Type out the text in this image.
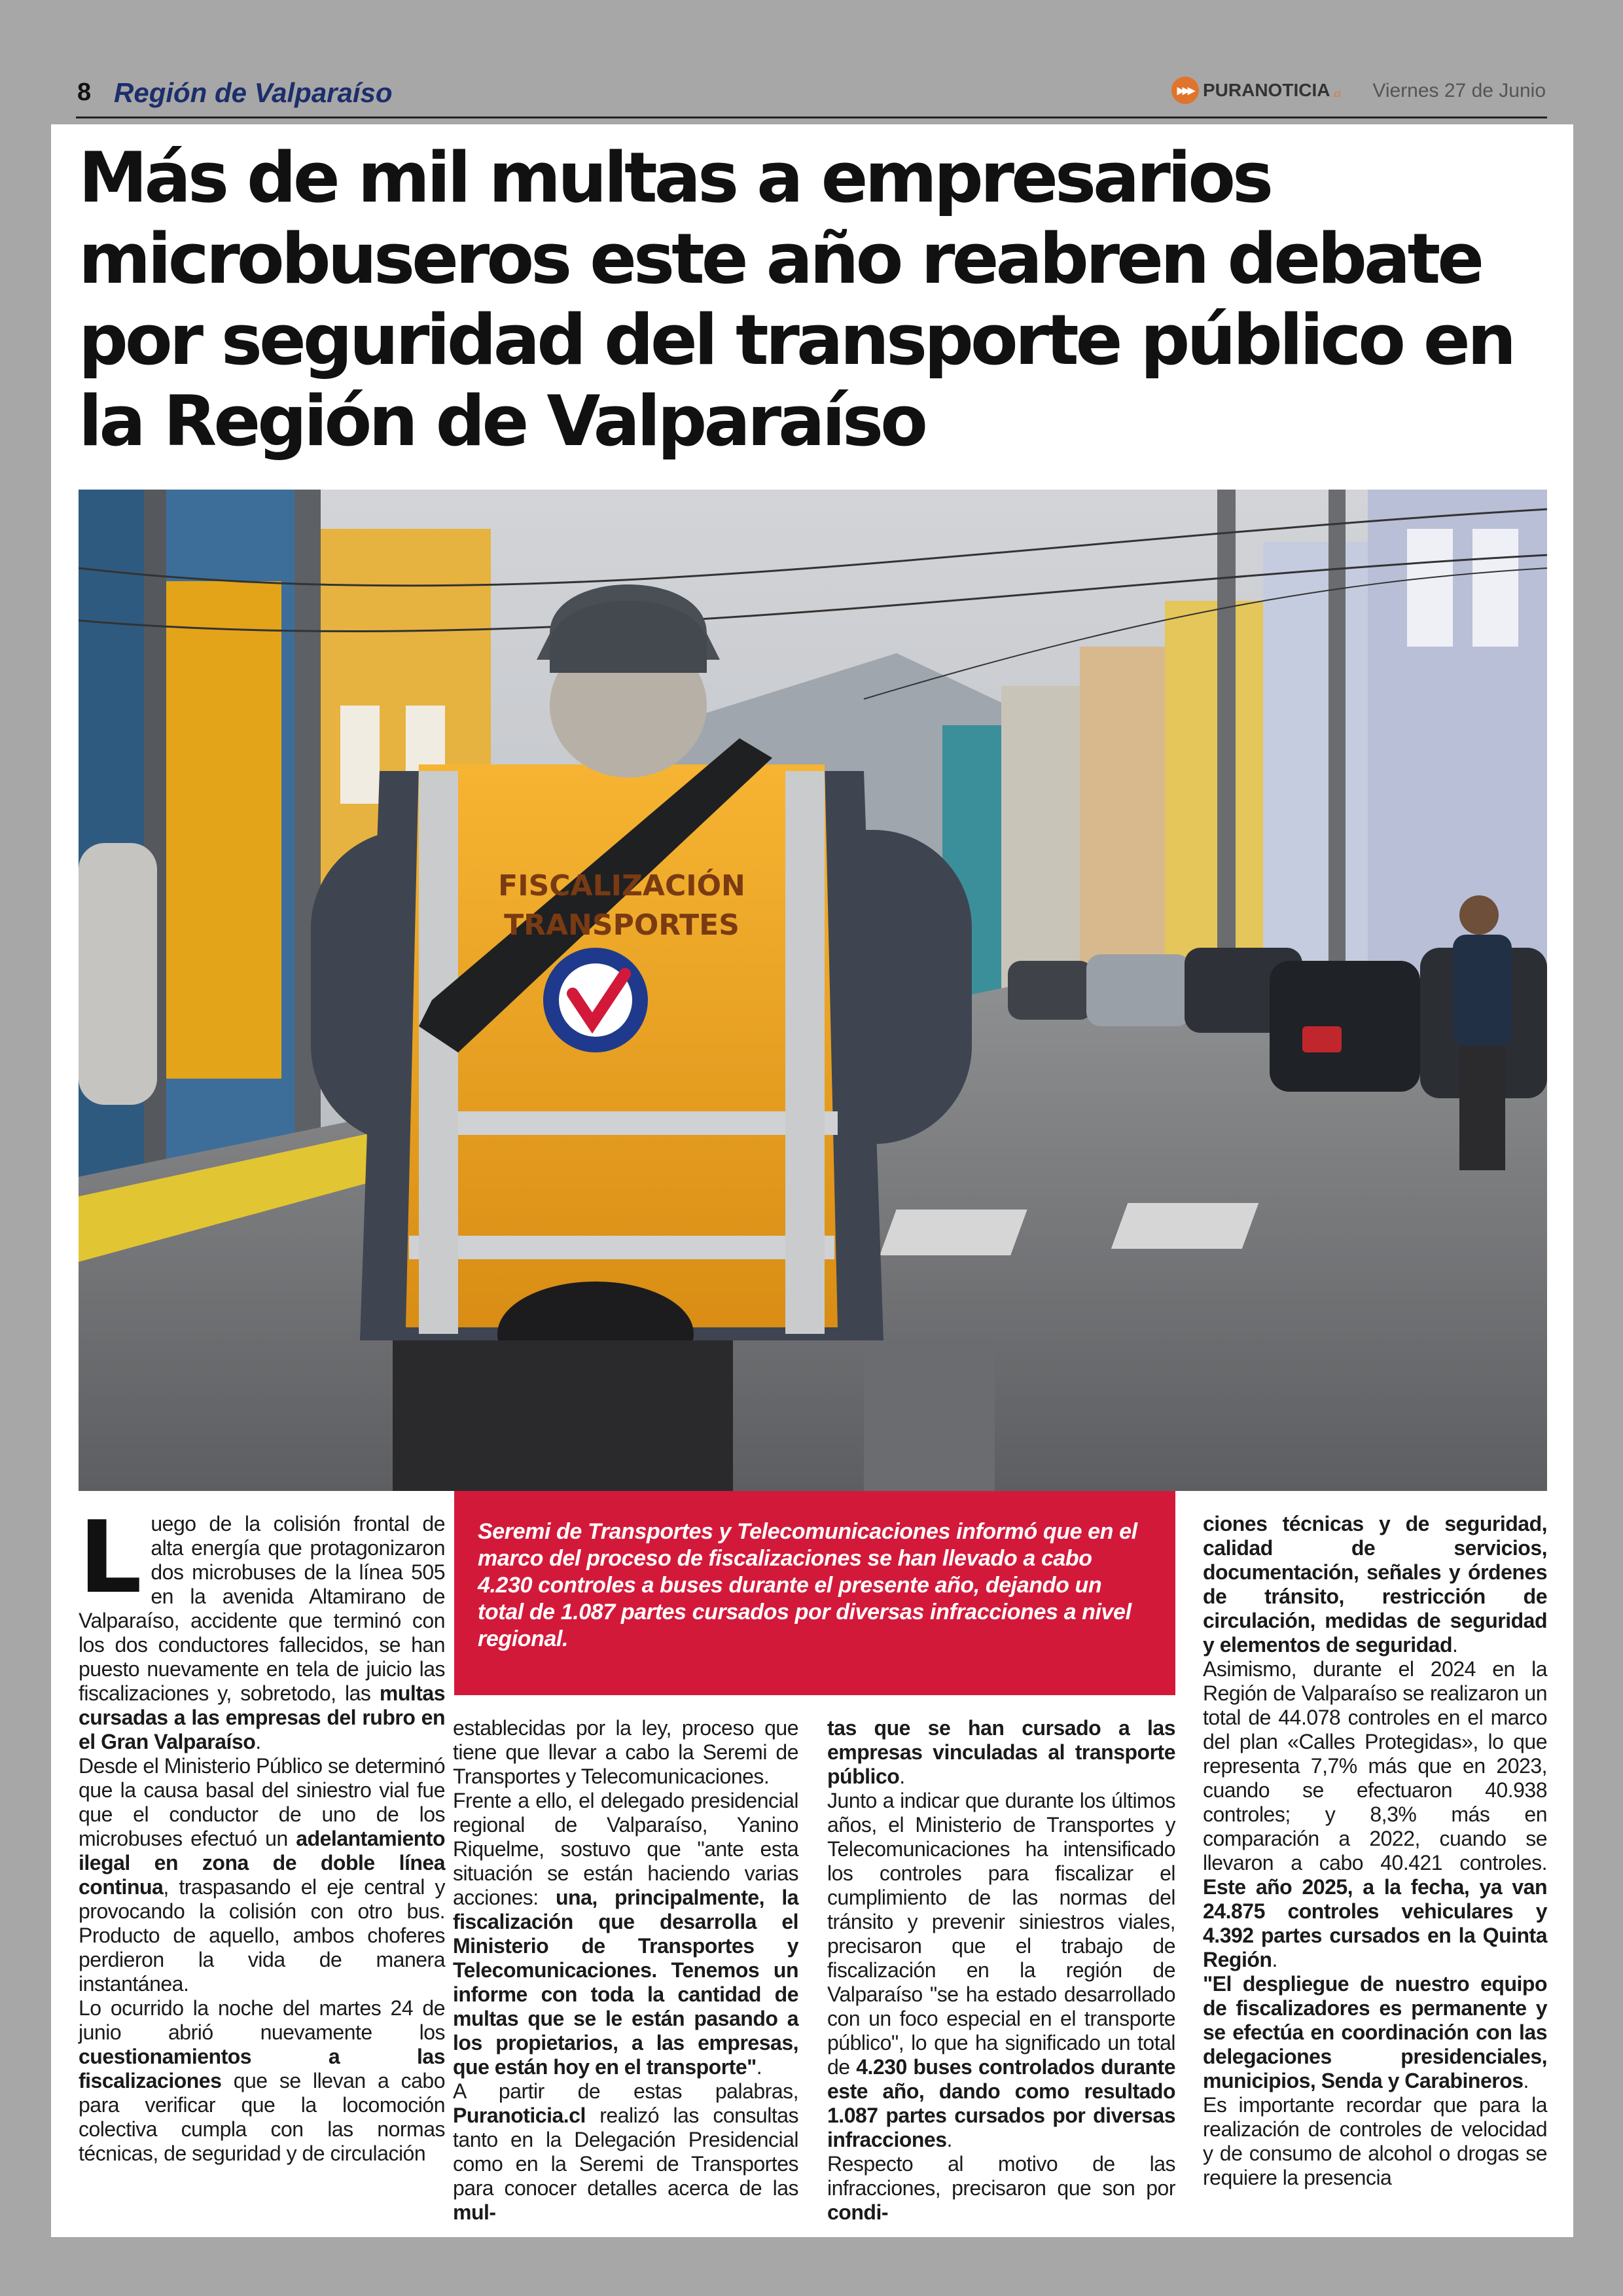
8 Región de Valparaíso	▸▸▸ PURANOTICIA .cl Viernes 27 de Junio
Más de mil multas a empresarios microbuseros este año reabren debate por seguridad del transporte público en la Región de Valparaíso
FISCALIZACIÓN
TRANSPORTES
Seremi de Transportes y Telecomunicaciones informó que en el marco del proceso de fiscalizaciones se han llevado a cabo 4.230 controles a buses durante el presente año, dejando un total de 1.087 partes cursados por diversas infracciones a nivel regional.
L uego de la colisión frontal de alta energía que protagonizaron dos microbuses de la línea 505 en la avenida Altamirano de Valparaíso, accidente que terminó con los dos conductores fallecidos, se han puesto nuevamente en tela de juicio las fiscalizaciones y, sobretodo, las multas cursadas a las empresas del rubro en el Gran Valparaíso.

Desde el Ministerio Público se determinó que la causa basal del siniestro vial fue que el conductor de uno de los microbuses efectuó un adelantamiento ilegal en zona de doble línea continua, traspasando el eje central y provocando la colisión con otro bus. Producto de aquello, ambos choferes perdieron la vida de manera instantánea.

Lo ocurrido la noche del martes 24 de junio abrió nuevamente los cuestionamientos a las fiscalizaciones que se llevan a cabo para verificar que la locomoción colectiva cumpla con las normas técnicas, de seguridad y de circulación

establecidas por la ley, proceso que tiene que llevar a cabo la Seremi de Transportes y Telecomunicaciones.

Frente a ello, el delegado presidencial regional de Valparaíso, Yanino Riquelme, sostuvo que "ante esta situación se están haciendo varias acciones: una, principalmente, la fiscalización que desarrolla el Ministerio de Transportes y Telecomunicaciones. Tenemos un informe con toda la cantidad de multas que se le están pasando a los propietarios, a las empresas, que están hoy en el transporte".

A partir de estas palabras, Puranoticia.cl realizó las consultas tanto en la Delegación Presidencial como en la Seremi de Transportes para conocer detalles acerca de las mul-

tas que se han cursado a las empresas vinculadas al transporte público.

Junto a indicar que durante los últimos años, el Ministerio de Transportes y Telecomunicaciones ha intensificado los controles para fiscalizar el cumplimiento de las normas del tránsito y prevenir siniestros viales, precisaron que el trabajo de fiscalización en la región de Valparaíso "se ha estado desarrollado con un foco especial en el transporte público", lo que ha significado un total de 4.230 buses controlados durante este año, dando como resultado 1.087 partes cursados por diversas infracciones.

Respecto al motivo de las infracciones, precisaron que son por condi-

ciones técnicas y de seguridad, calidad de servicios, documentación, señales y órdenes de tránsito, restricción de circulación, medidas de seguridad y elementos de seguridad.

Asimismo, durante el 2024 en la Región de Valparaíso se realizaron un total de 44.078 controles en el marco del plan «Calles Protegidas», lo que representa 7,7% más que en 2023, cuando se efectuaron 40.938 controles; y 8,3% más en comparación a 2022, cuando se llevaron a cabo 40.421 controles. Este año 2025, a la fecha, ya van 24.875 controles vehiculares y 4.392 partes cursados en la Quinta Región.

"El despliegue de nuestro equipo de fiscalizadores es permanente y se efectúa en coordinación con las delegaciones presidenciales, municipios, Senda y Carabineros.

Es importante recordar que para la realización de controles de velocidad y de consumo de alcohol o drogas se requiere la presencia
